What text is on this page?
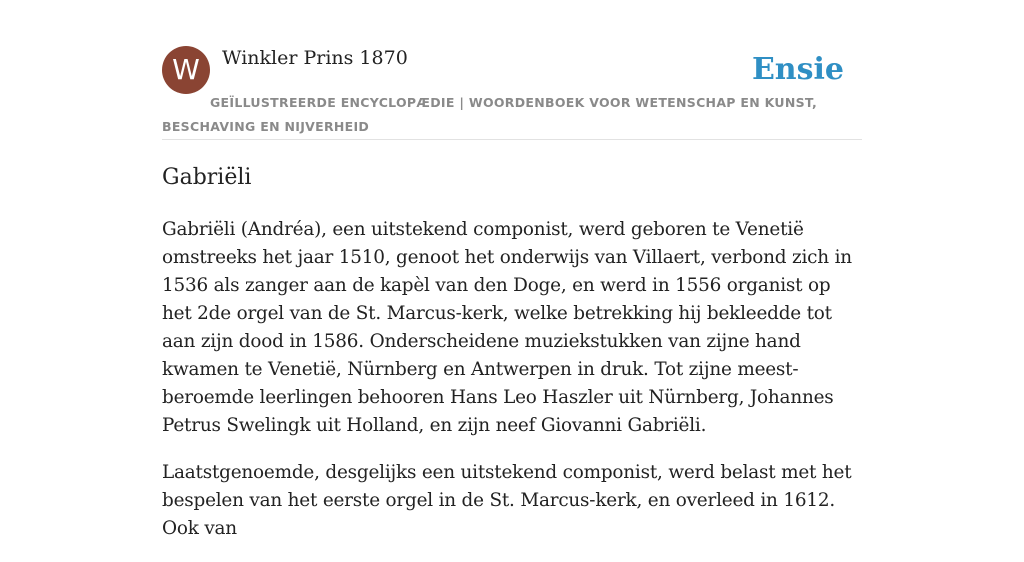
W	Winkler Prins 1870
GEÏLLUSTREERDE ENCYCLOPÆDIE | WOORDENBOEK VOOR WETENSCHAP EN KUNST, BESCHAVING EN NIJVERHEID
Ensie
Gabriëli

Gabriëli (Andréa), een uitstekend componist, werd geboren te Venetië omstreeks het jaar 1510, genoot het onderwijs van Villaert, verbond zich in 1536 als zanger aan de kapèl van den Doge, en werd in 1556 organist op het 2de orgel van de St. Marcus-kerk, welke betrekking hij bekleedde tot aan zijn dood in 1586. Onderscheidene muziekstukken van zijne hand kwamen te Venetië, Nürnberg en Antwerpen in druk. Tot zijne meest-beroemde leerlingen behooren Hans Leo Haszler uit Nürnberg, Johannes Petrus Swelingk uit Holland, en zijn neef Giovanni Gabriëli.

Laatstgenoemde, desgelijks een uitstekend componist, werd belast met het bespelen van het eerste orgel in de St. Marcus-kerk, en overleed in 1612. Ook van
